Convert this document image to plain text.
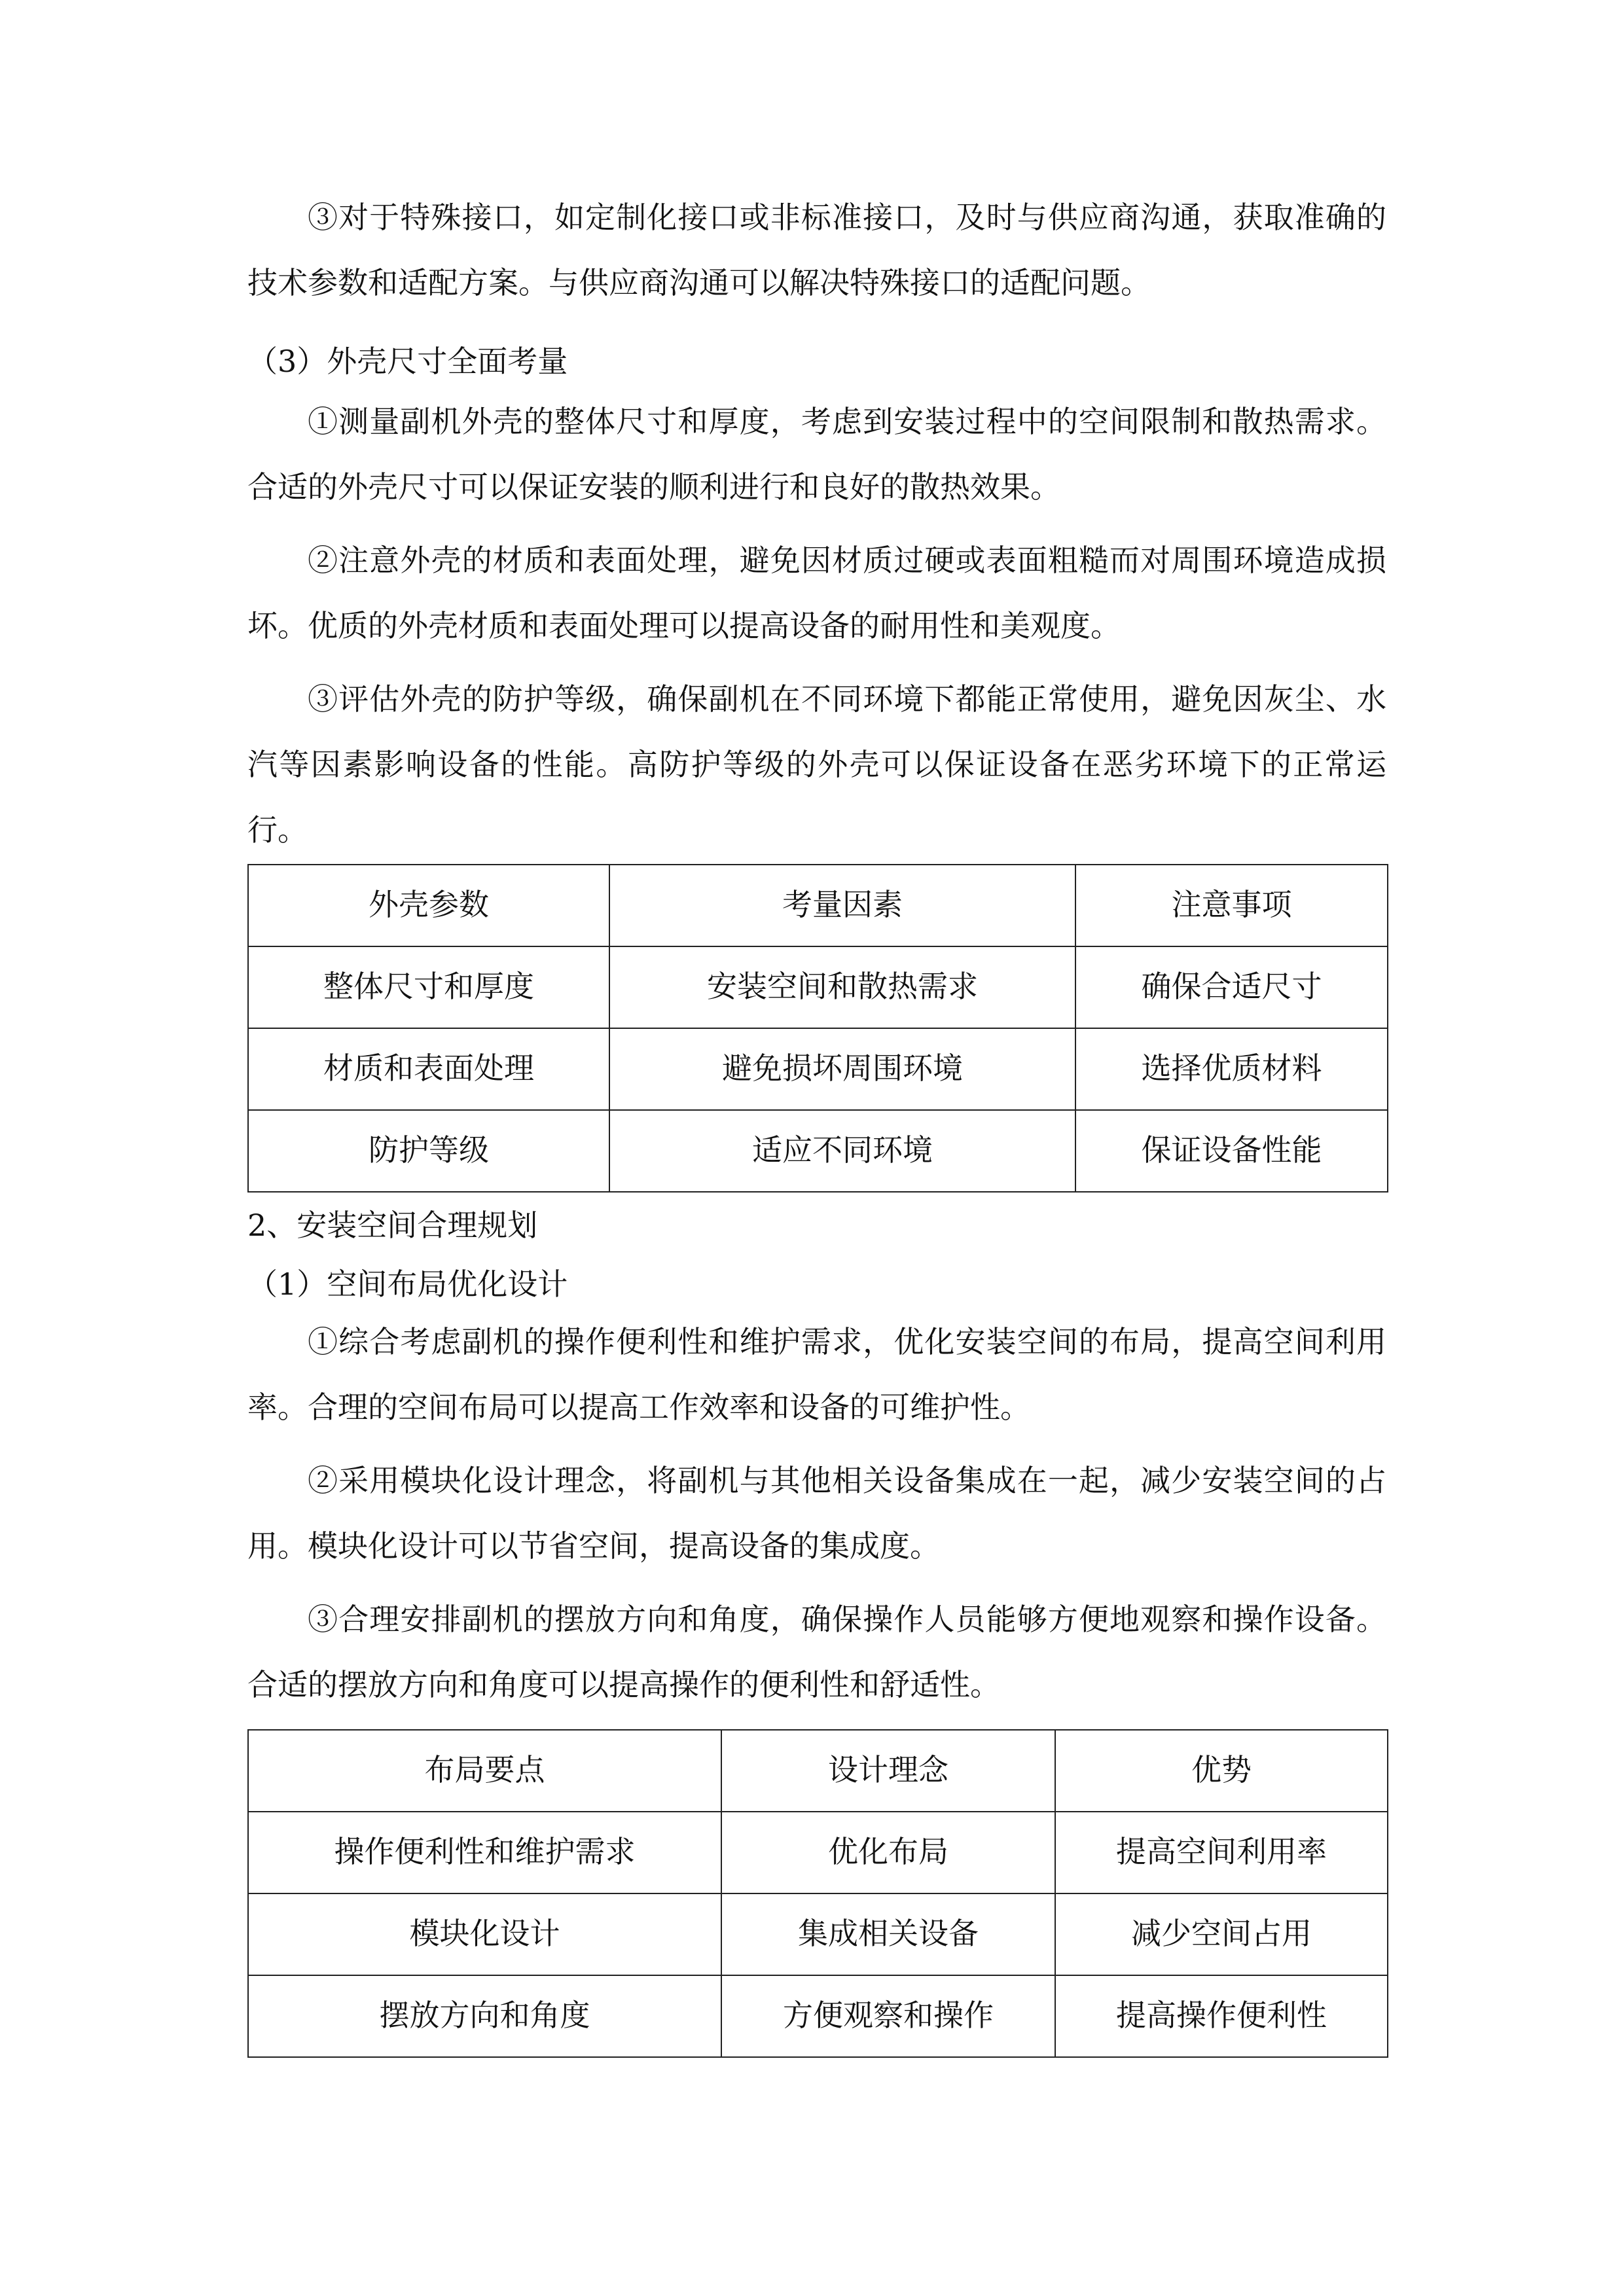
③对于特殊接口，如定制化接口或非标准接口，及时与供应商沟通，获取准确的技术参数和适配方案。与供应商沟通可以解决特殊接口的适配问题。

（3）外壳尺寸全面考量

①测量副机外壳的整体尺寸和厚度，考虑到安装过程中的空间限制和散热需求。合适的外壳尺寸可以保证安装的顺利进行和良好的散热效果。

②注意外壳的材质和表面处理，避免因材质过硬或表面粗糙而对周围环境造成损坏。优质的外壳材质和表面处理可以提高设备的耐用性和美观度。

③评估外壳的防护等级，确保副机在不同环境下都能正常使用，避免因灰尘、水汽等因素影响设备的性能。高防护等级的外壳可以保证设备在恶劣环境下的正常运行。

外壳参数	考量因素	注意事项
整体尺寸和厚度	安装空间和散热需求	确保合适尺寸
材质和表面处理	避免损坏周围环境	选择优质材料
防护等级	适应不同环境	保证设备性能
2、安装空间合理规划
（1）空间布局优化设计

①综合考虑副机的操作便利性和维护需求，优化安装空间的布局，提高空间利用率。合理的空间布局可以提高工作效率和设备的可维护性。

②采用模块化设计理念，将副机与其他相关设备集成在一起，减少安装空间的占用。模块化设计可以节省空间，提高设备的集成度。

③合理安排副机的摆放方向和角度，确保操作人员能够方便地观察和操作设备。合适的摆放方向和角度可以提高操作的便利性和舒适性。

布局要点	设计理念	优势
操作便利性和维护需求	优化布局	提高空间利用率
模块化设计	集成相关设备	减少空间占用
摆放方向和角度	方便观察和操作	提高操作便利性
